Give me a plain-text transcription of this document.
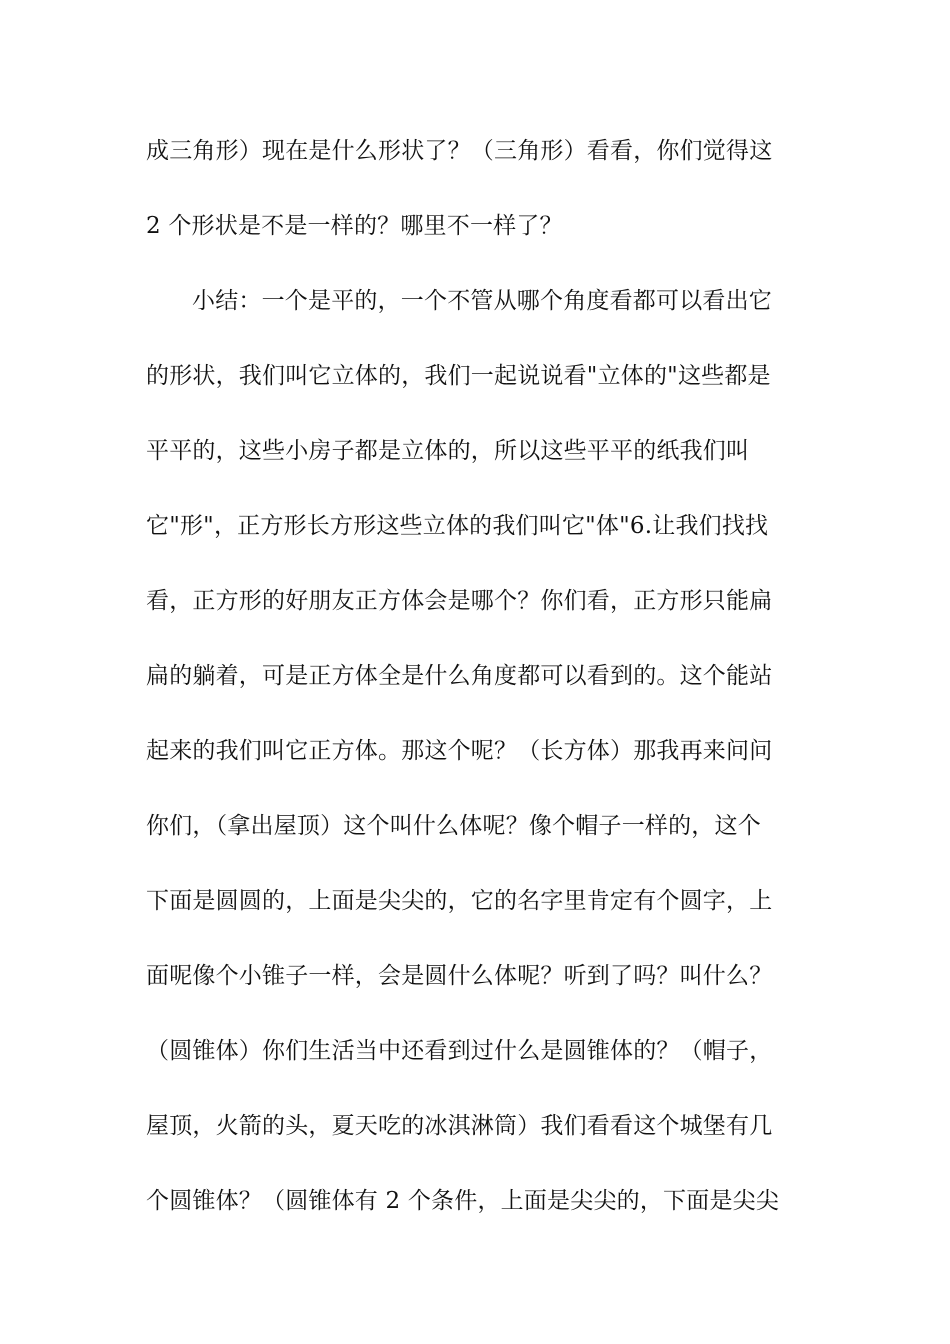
成三角形）现在是什么形状了？（三角形）看看，你们觉得这
2 个形状是不是一样的？哪里不一样了？
小结：一个是平的，一个不管从哪个角度看都可以看出它
的形状，我们叫它立体的，我们一起说说看"立体的"这些都是
平平的，这些小房子都是立体的，所以这些平平的纸我们叫
它"形"，正方形长方形这些立体的我们叫它"体"6.让我们找找
看，正方形的好朋友正方体会是哪个？你们看，正方形只能扁
扁的躺着，可是正方体全是什么角度都可以看到的。这个能站
起来的我们叫它正方体。那这个呢？（长方体）那我再来问问
你们，（拿出屋顶）这个叫什么体呢？像个帽子一样的，这个
下面是圆圆的，上面是尖尖的，它的名字里肯定有个圆字，上
面呢像个小锥子一样，会是圆什么体呢？听到了吗？叫什么？
（圆锥体）你们生活当中还看到过什么是圆锥体的？（帽子，
屋顶，火箭的头，夏天吃的冰淇淋筒）我们看看这个城堡有几
个圆锥体？（圆锥体有 2 个条件，上面是尖尖的，下面是尖尖
